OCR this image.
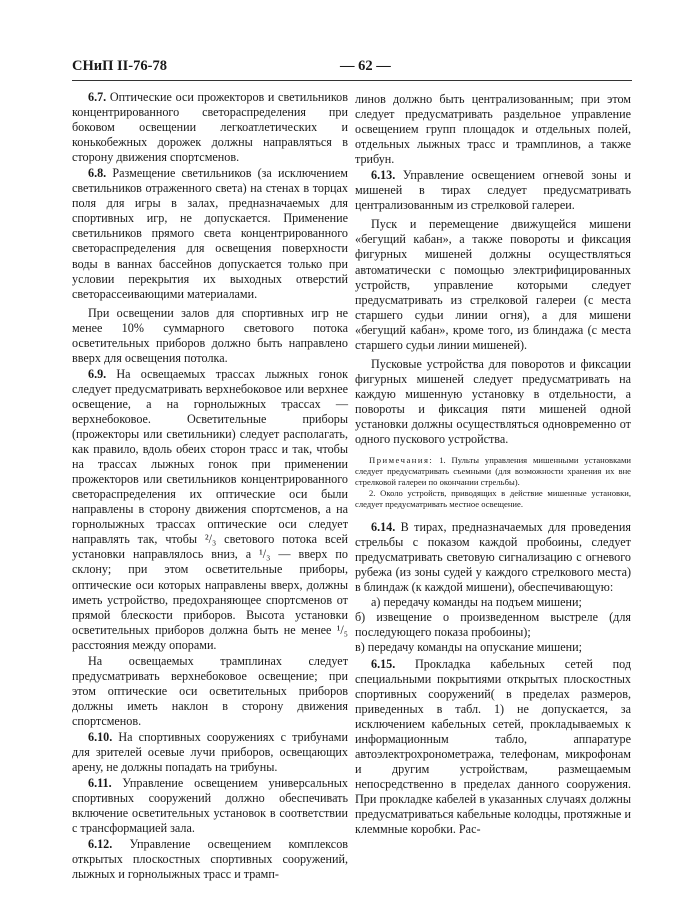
СНиП II-76-78	— 62 —

6.7. Оптические оси прожекторов и светильников концентрированного светораспределения при боковом освещении легкоатлетических и конькобежных дорожек должны направляться в сторону движения спортсменов.

6.8. Размещение светильников (за исключением светильников отраженного света) на стенах в торцах поля для игры в залах, предназначаемых для спортивных игр, не допускается. Применение светильников прямого света концентрированного светораспределения для освещения поверхности воды в ваннах бассейнов допускается только при условии перекрытия их выходных отверстий светорассеивающими материалами.

При освещении залов для спортивных игр не менее 10% суммарного светового потока осветительных приборов должно быть направлено вверх для освещения потолка.

6.9. На освещаемых трассах лыжных гонок следует предусматривать верхнебоковое или верхнее освещение, а на горнолыжных трассах — верхнебоковое. Осветительные приборы (прожекторы или светильники) следует располагать, как правило, вдоль обеих сторон трасс и так, чтобы на трассах лыжных гонок при применении прожекторов или светильников концентрированного светораспределения их оптические оси были направлены в сторону движения спортсменов, а на горнолыжных трассах оптические оси следует направлять так, чтобы ²/₃ светового потока всей установки направлялось вниз, а ¹/₃ — вверх по склону; при этом осветительные приборы, оптические оси которых направлены вверх, должны иметь устройство, предохраняющее спортсменов от прямой блескости приборов. Высота установки осветительных приборов должна быть не менее ¹/₅ расстояния между опорами.

На освещаемых трамплинах следует предусматривать верхнебоковое освещение; при этом оптические оси осветительных приборов должны иметь наклон в сторону движения спортсменов.

6.10. На спортивных сооружениях с трибунами для зрителей осевые лучи приборов, освещающих арену, не должны попадать на трибуны.

6.11. Управление освещением универсальных спортивных сооружений должно обеспечивать включение осветительных установок в соответствии с трансформацией зала.

6.12. Управление освещением комплексов открытых плоскостных спортивных сооружений, лыжных и горнолыжных трасс и трамп-

линов должно быть централизованным; при этом следует предусматривать раздельное управление освещением групп площадок и отдельных полей, отдельных лыжных трасс и трамплинов, а также трибун.

6.13. Управление освещением огневой зоны и мишеней в тирах следует предусматривать централизованным из стрелковой галереи.

Пуск и перемещение движущейся мишени «бегущий кабан», а также повороты и фиксация фигурных мишеней должны осуществляться автоматически с помощью электрифицированных устройств, управление которыми следует предусматривать из стрелковой галереи (с места старшего судьи линии огня), а для мишени «бегущий кабан», кроме того, из блиндажа (с места старшего судьи линии мишеней).

Пусковые устройства для поворотов и фиксации фигурных мишеней следует предусматривать на каждую мишенную установку в отдельности, а повороты и фиксация пяти мишеней одной установки должны осуществляться одновременно от одного пускового устройства.

Примечания: 1. Пульты управления мишенными установками следует предусматривать съемными (для возможности хранения их вне стрелковой галереи по окончании стрельбы).

2. Около устройств, приводящих в действие мишенные установки, следует предусматривать местное освещение.

6.14. В тирах, предназначаемых для проведения стрельбы с показом каждой пробоины, следует предусматривать световую сигнализацию с огневого рубежа (из зоны судей у каждого стрелкового места) в блиндаж (к каждой мишени), обеспечивающую:

а) передачу команды на подъем мишени;

б) извещение о произведенном выстреле (для последующего показа пробоины);

в) передачу команды на опускание мишени;

6.15. Прокладка кабельных сетей под специальными покрытиями открытых плоскостных спортивных сооружений( в пределах размеров, приведенных в табл. 1) не допускается, за исключением кабельных сетей, прокладываемых к информационным табло, аппаратуре автоэлектрохронометража, телефонам, микрофонам и другим устройствам, размещаемым непосредственно в пределах данного сооружения. При прокладке кабелей в указанных случаях должны предусматриваться кабельные колодцы, протяжные и клеммные коробки. Рас-
